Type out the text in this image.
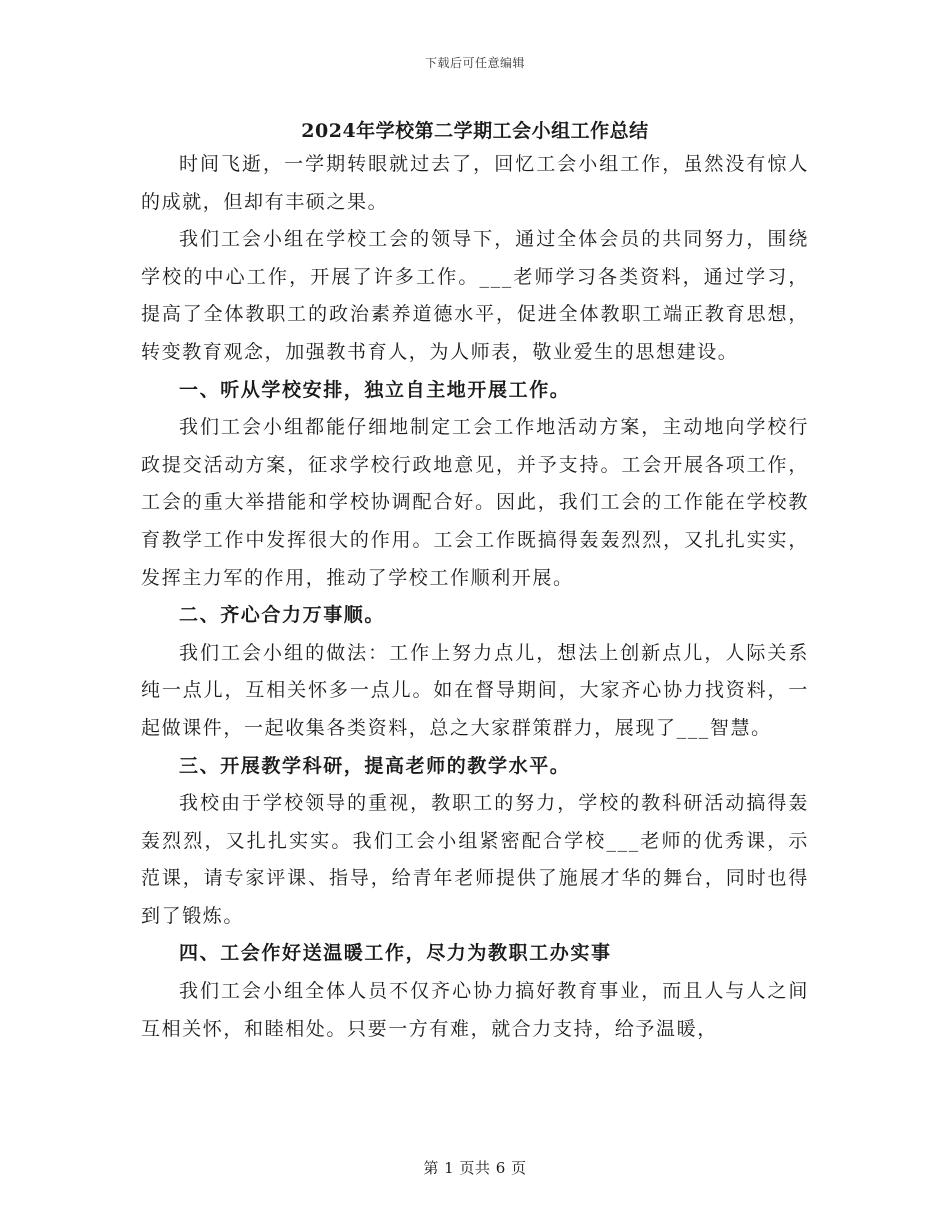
下载后可任意编辑
2024年学校第二学期工会小组工作总结

时间飞逝，一学期转眼就过去了，回忆工会小组工作，虽然没有惊人的成就，但却有丰硕之果。

我们工会小组在学校工会的领导下，通过全体会员的共同努力，围绕学校的中心工作，开展了许多工作。___老师学习各类资料，通过学习，提高了全体教职工的政治素养道德水平，促进全体教职工端正教育思想，转变教育观念，加强教书育人，为人师表，敬业爱生的思想建设。

一、听从学校安排，独立自主地开展工作。

我们工会小组都能仔细地制定工会工作地活动方案，主动地向学校行政提交活动方案，征求学校行政地意见，并予支持。工会开展各项工作，工会的重大举措能和学校协调配合好。因此，我们工会的工作能在学校教育教学工作中发挥很大的作用。工会工作既搞得轰轰烈烈，又扎扎实实，发挥主力军的作用，推动了学校工作顺利开展。

二、齐心合力万事顺。

我们工会小组的做法：工作上努力点儿，想法上创新点儿，人际关系纯一点儿，互相关怀多一点儿。如在督导期间，大家齐心协力找资料，一起做课件，一起收集各类资料，总之大家群策群力，展现了___智慧。

三、开展教学科研，提高老师的教学水平。

我校由于学校领导的重视，教职工的努力，学校的教科研活动搞得轰轰烈烈，又扎扎实实。我们工会小组紧密配合学校___老师的优秀课，示范课，请专家评课、指导，给青年老师提供了施展才华的舞台，同时也得到了锻炼。

四、工会作好送温暖工作，尽力为教职工办实事

我们工会小组全体人员不仅齐心协力搞好教育事业，而且人与人之间互相关怀，和睦相处。只要一方有难，就合力支持，给予温暖，

第 1 页共 6 页
